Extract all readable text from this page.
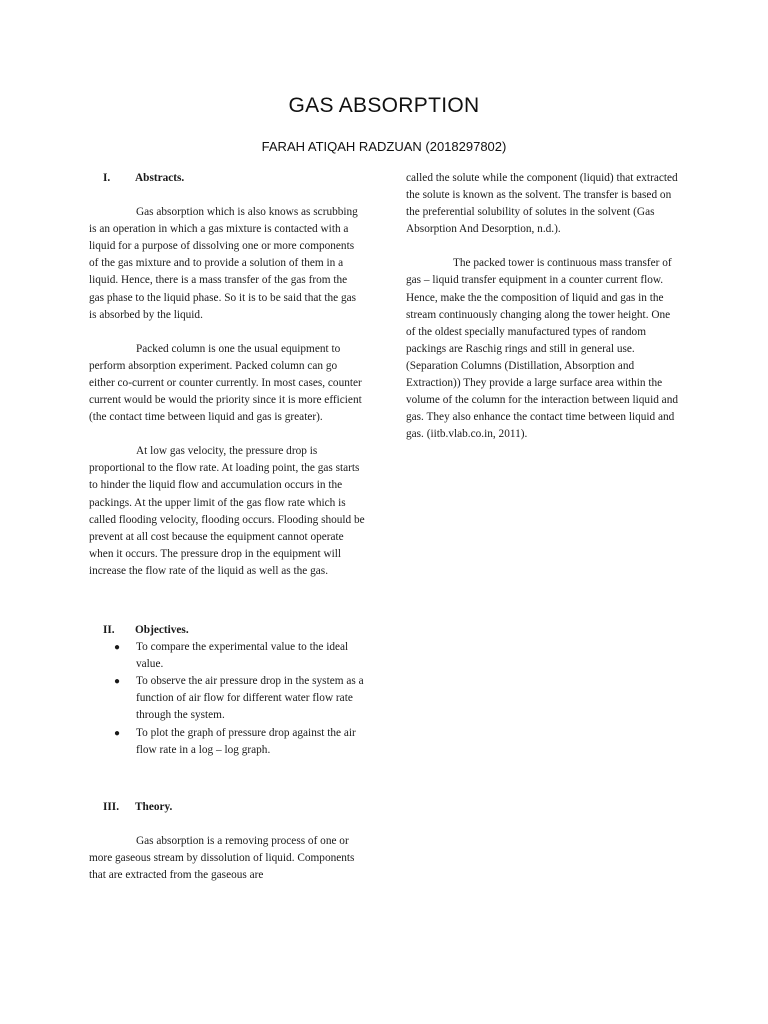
GAS ABSORPTION
FARAH ATIQAH RADZUAN (2018297802)
I.	Abstracts.

Gas absorption which is also knows as scrubbing is an operation in which a gas mixture is contacted with a liquid for a purpose of dissolving one or more components of the gas mixture and to provide a solution of them in a liquid. Hence, there is a mass transfer of the gas from the gas phase to the liquid phase. So it is to be said that the gas is absorbed by the liquid.

Packed column is one the usual equipment to perform absorption experiment. Packed column can go either co-current or counter currently. In most cases, counter current would be would the priority since it is more efficient (the contact time between liquid and gas is greater).

At low gas velocity, the pressure drop is proportional to the flow rate. At loading point, the gas starts to hinder the liquid flow and accumulation occurs in the packings. At the upper limit of the gas flow rate which is called flooding velocity, flooding occurs. Flooding should be prevent at all cost because the equipment cannot operate when it occurs. The pressure drop in the equipment will increase the flow rate of the liquid as well as the gas.

II.	Objectives.
● To compare the experimental value to the ideal value.
● To observe the air pressure drop in the system as a function of air flow for different water flow rate through the system.
● To plot the graph of pressure drop against the air flow rate in a log – log graph.
III.	Theory.

Gas absorption is a removing process of one or more gaseous stream by dissolution of liquid. Components that are extracted from the gaseous are

called the solute while the component (liquid) that extracted the solute is known as the solvent. The transfer is based on the preferential solubility of solutes in the solvent (Gas Absorption And Desorption, n.d.).

The packed tower is continuous mass transfer of gas – liquid transfer equipment in a counter current flow. Hence, make the the composition of liquid and gas in the stream continuously changing along the tower height. One of the oldest specially manufactured types of random packings are Raschig rings and still in general use. (Separation Columns (Distillation, Absorption and Extraction)) They provide a large surface area within the volume of the column for the interaction between liquid and gas. They also enhance the contact time between liquid and gas. (iitb.vlab.co.in, 2011).
